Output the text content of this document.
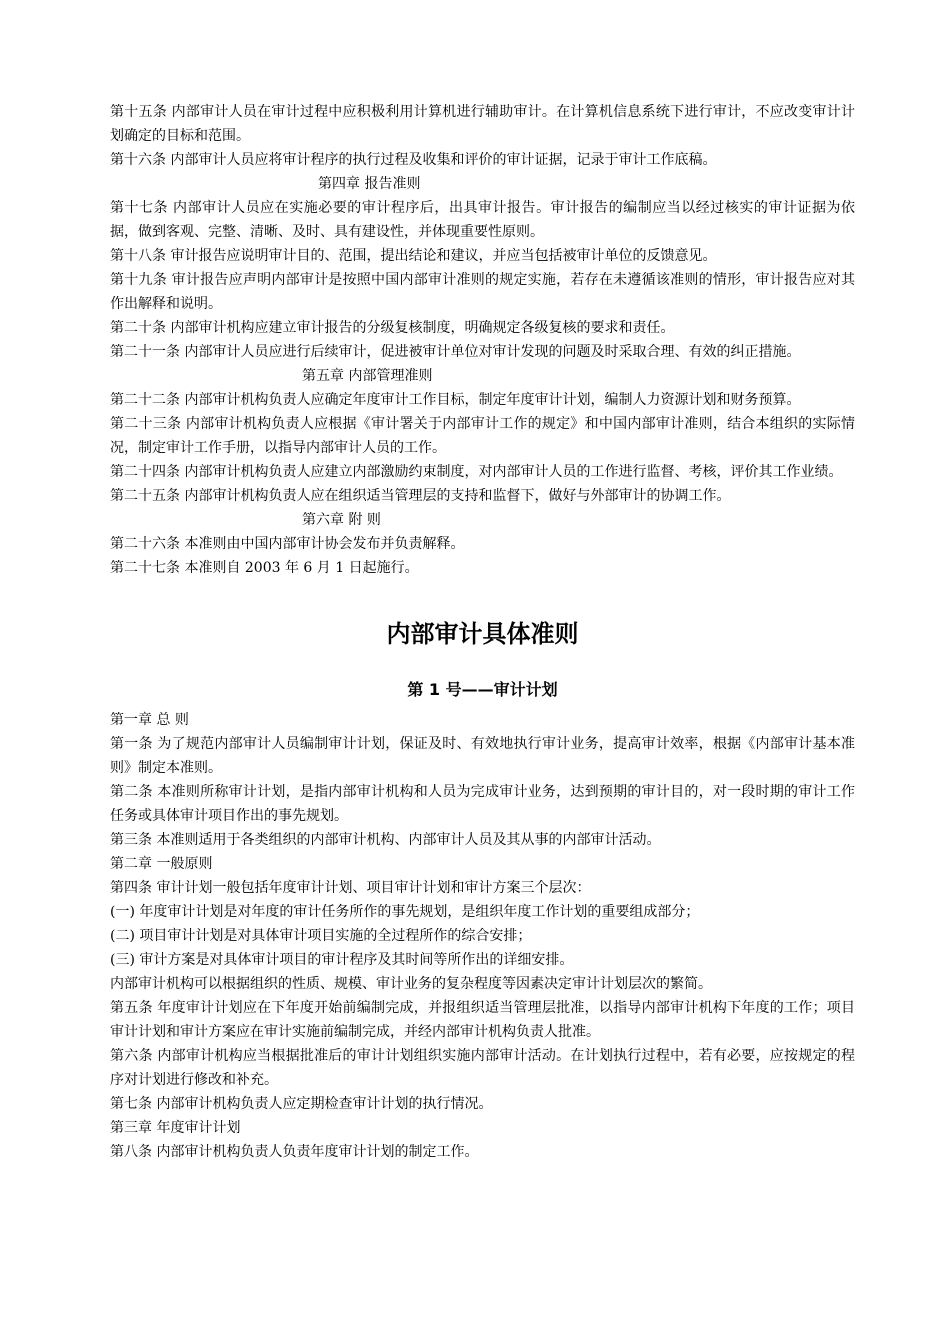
第十五条 内部审计人员在审计过程中应积极利用计算机进行辅助审计。在计算机信息系统下进行审计，不应改变审计计划确定的目标和范围。

第十六条 内部审计人员应将审计程序的执行过程及收集和评价的审计证据，记录于审计工作底稿。

第四章 报告准则

第十七条 内部审计人员应在实施必要的审计程序后，出具审计报告。审计报告的编制应当以经过核实的审计证据为依据，做到客观、完整、清晰、及时、具有建设性，并体现重要性原则。

第十八条 审计报告应说明审计目的、范围，提出结论和建议，并应当包括被审计单位的反馈意见。

第十九条 审计报告应声明内部审计是按照中国内部审计准则的规定实施，若存在未遵循该准则的情形，审计报告应对其作出解释和说明。

第二十条 内部审计机构应建立审计报告的分级复核制度，明确规定各级复核的要求和责任。

第二十一条 内部审计人员应进行后续审计，促进被审计单位对审计发现的问题及时采取合理、有效的纠正措施。

第五章 内部管理准则

第二十二条 内部审计机构负责人应确定年度审计工作目标，制定年度审计计划，编制人力资源计划和财务预算。

第二十三条 内部审计机构负责人应根据《审计署关于内部审计工作的规定》和中国内部审计准则，结合本组织的实际情况，制定审计工作手册，以指导内部审计人员的工作。

第二十四条 内部审计机构负责人应建立内部激励约束制度，对内部审计人员的工作进行监督、考核，评价其工作业绩。

第二十五条 内部审计机构负责人应在组织适当管理层的支持和监督下，做好与外部审计的协调工作。

第六章 附 则

第二十六条 本准则由中国内部审计协会发布并负责解释。

第二十七条 本准则自 2003 年 6 月 1 日起施行。

内部审计具体准则
第 1 号——审计计划

第一章 总 则

第一条 为了规范内部审计人员编制审计计划，保证及时、有效地执行审计业务，提高审计效率，根据《内部审计基本准则》制定本准则。

第二条 本准则所称审计计划，是指内部审计机构和人员为完成审计业务，达到预期的审计目的，对一段时期的审计工作任务或具体审计项目作出的事先规划。

第三条 本准则适用于各类组织的内部审计机构、内部审计人员及其从事的内部审计活动。

第二章 一般原则

第四条 审计计划一般包括年度审计计划、项目审计计划和审计方案三个层次：

(一) 年度审计计划是对年度的审计任务所作的事先规划，是组织年度工作计划的重要组成部分；

(二) 项目审计计划是对具体审计项目实施的全过程所作的综合安排；

(三) 审计方案是对具体审计项目的审计程序及其时间等所作出的详细安排。

内部审计机构可以根据组织的性质、规模、审计业务的复杂程度等因素决定审计计划层次的繁简。

第五条 年度审计计划应在下年度开始前编制完成，并报组织适当管理层批准，以指导内部审计机构下年度的工作；项目审计计划和审计方案应在审计实施前编制完成，并经内部审计机构负责人批准。

第六条 内部审计机构应当根据批准后的审计计划组织实施内部审计活动。在计划执行过程中，若有必要，应按规定的程序对计划进行修改和补充。

第七条 内部审计机构负责人应定期检查审计计划的执行情况。

第三章 年度审计计划

第八条 内部审计机构负责人负责年度审计计划的制定工作。
